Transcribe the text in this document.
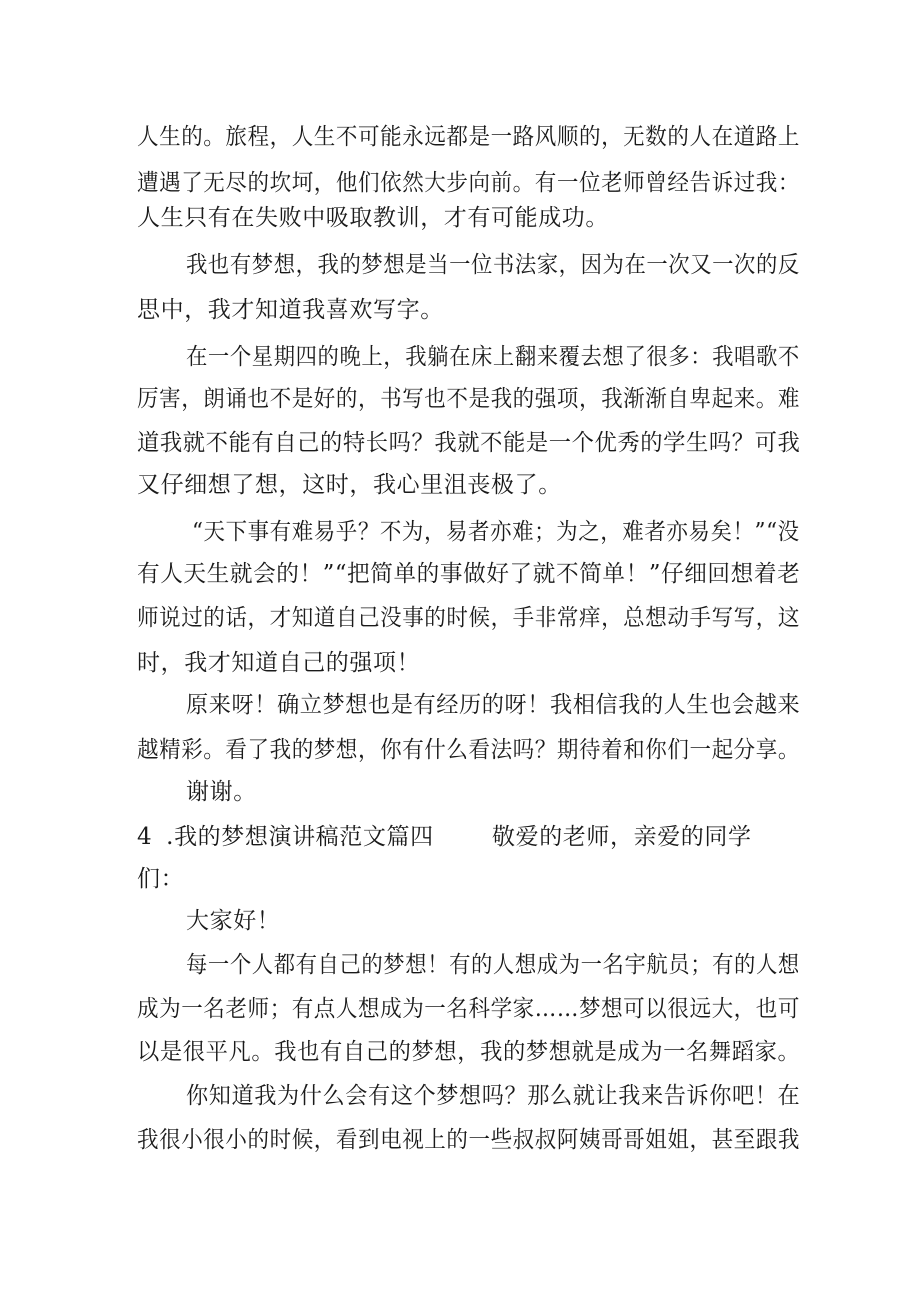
人生的。旅程，人生不可能永远都是一路风顺的，无数的人在道路上
遭遇了无尽的坎坷，他们依然大步向前。有一位老师曾经告诉过我：
人生只有在失败中吸取教训，才有可能成功。
我也有梦想，我的梦想是当一位书法家，因为在一次又一次的反
思中，我才知道我喜欢写字。
在一个星期四的晚上，我躺在床上翻来覆去想了很多：我唱歌不
厉害，朗诵也不是好的，书写也不是我的强项，我渐渐自卑起来。难
道我就不能有自己的特长吗？我就不能是一个优秀的学生吗？可我
又仔细想了想，这时，我心里沮丧极了。
“天下事有难易乎？不为，易者亦难；为之，难者亦易矣！”“没
有人天生就会的！”“把简单的事做好了就不简单！”仔细回想着老
师说过的话，才知道自己没事的时候，手非常痒，总想动手写写，这
时，我才知道自己的强项！
原来呀！确立梦想也是有经历的呀！我相信我的人生也会越来
越精彩。看了我的梦想，你有什么看法吗？期待着和你们一起分享。
谢谢。
4 .我的梦想演讲稿范文篇四	敬爱的老师，亲爱的同学
们：
大家好！
每一个人都有自己的梦想！有的人想成为一名宇航员；有的人想
成为一名老师；有点人想成为一名科学家……梦想可以很远大，也可
以是很平凡。我也有自己的梦想，我的梦想就是成为一名舞蹈家。
你知道我为什么会有这个梦想吗？那么就让我来告诉你吧！在
我很小很小的时候，看到电视上的一些叔叔阿姨哥哥姐姐，甚至跟我
